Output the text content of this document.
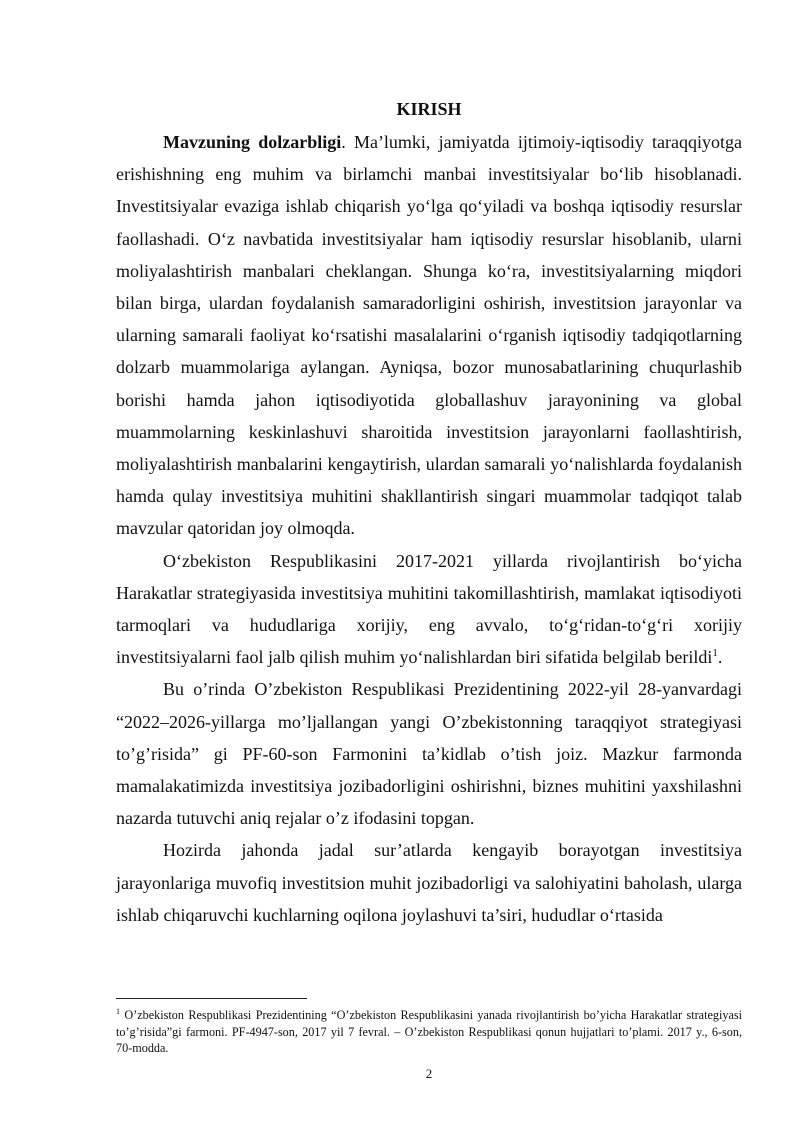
KIRISH

Mavzuning dolzarbligi. Ma’lumki, jamiyatda ijtimoiy-iqtisodiy taraqqiyotga erishishning eng muhim va birlamchi manbai investitsiyalar bo‘lib hisoblanadi. Investitsiyalar evaziga ishlab chiqarish yo‘lga qo‘yiladi va boshqa iqtisodiy resurslar faollashadi. O‘z navbatida investitsiyalar ham iqtisodiy resurslar hisoblanib, ularni moliyalashtirish manbalari cheklangan. Shunga ko‘ra, investitsiyalarning miqdori bilan birga, ulardan foydalanish samaradorligini oshirish, investitsion jarayonlar va ularning samarali faoliyat ko‘rsatishi masalalarini o‘rganish iqtisodiy tadqiqotlarning dolzarb muammolariga aylangan. Ayniqsa, bozor munosabatlarining chuqurlashib borishi hamda jahon iqtisodiyotida globallashuv jarayonining va global muammolarning keskinlashuvi sharoitida investitsion jarayonlarni faollashtirish, moliyalashtirish manbalarini kengaytirish, ulardan samarali yo‘nalishlarda foydalanish hamda qulay investitsiya muhitini shakllantirish singari muammolar tadqiqot talab mavzular qatoridan joy olmoqda.

O‘zbekiston Respublikasini 2017-2021 yillarda rivojlantirish bo‘yicha Harakatlar strategiyasida investitsiya muhitini takomillashtirish, mamlakat iqtisodiyoti tarmoqlari va hududlariga xorijiy, eng avvalo, to‘g‘ridan-to‘g‘ri xorijiy investitsiyalarni faol jalb qilish muhim yo‘nalishlardan biri sifatida belgilab berildi$^1$.

Bu o’rinda O’zbekiston Respublikasi Prezidentining 2022-yil 28-yanvardagi “2022–2026-yillarga mo’ljallangan yangi O’zbekistonning taraqqiyot strategiyasi to’g’risida” gi PF-60-son Farmonini ta’kidlab o’tish joiz. Mazkur farmonda mamalakatimizda investitsiya jozibadorligini oshirishni, biznes muhitini yaxshilashni nazarda tutuvchi aniq rejalar o’z ifodasini topgan.

Hozirda jahonda jadal sur’atlarda kengayib borayotgan investitsiya jarayonlariga muvofiq investitsion muhit jozibadorligi va salohiyatini baholash, ularga ishlab chiqaruvchi kuchlarning oqilona joylashuvi ta’siri, hududlar o‘rtasida

$^1$ O’zbekiston Respublikasi Prezidentining “O’zbekiston Respublikasini yanada rivojlantirish bo’yicha Harakatlar strategiyasi to’g’risida”gi farmoni. PF-4947-son, 2017 yil 7 fevral. – O’zbekiston Respublikasi qonun hujjatlari to’plami. 2017 y., 6-son, 70-modda.
2
